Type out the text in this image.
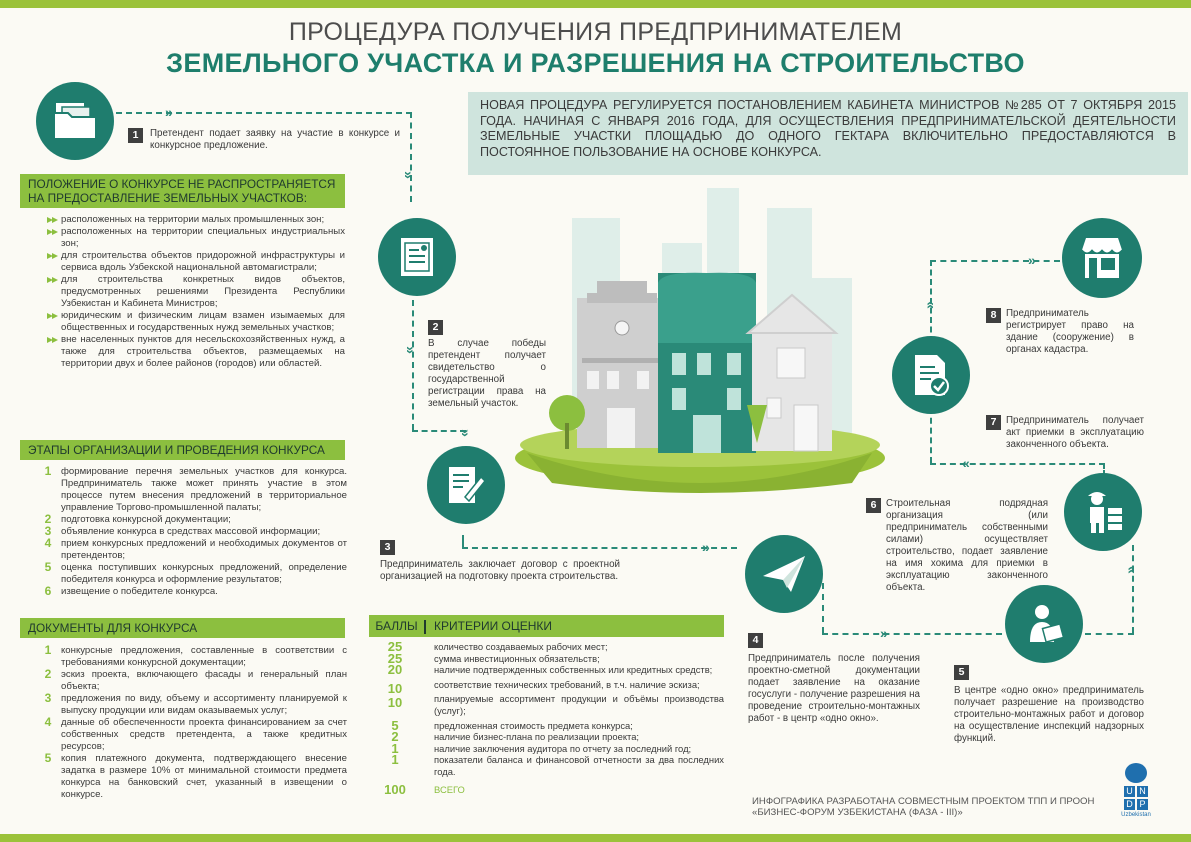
ПРОЦЕДУРА ПОЛУЧЕНИЯ ПРЕДПРИНИМАТЕЛЕМ
ЗЕМЕЛЬНОГО УЧАСТКА И РАЗРЕШЕНИЯ НА СТРОИТЕЛЬСТВО
НОВАЯ ПРОЦЕДУРА РЕГУЛИРУЕТСЯ ПОСТАНОВЛЕНИЕМ КАБИНЕТА МИНИСТРОВ №285 ОТ 7 ОКТЯБРЯ 2015 ГОДА. НАЧИНАЯ С ЯНВАРЯ 2016 ГОДА, ДЛЯ ОСУЩЕСТВЛЕНИЯ ПРЕДПРИНИМАТЕЛЬСКОЙ ДЕЯТЕЛЬНОСТИ ЗЕМЕЛЬНЫЕ УЧАСТКИ ПЛОЩАДЬЮ ДО ОДНОГО ГЕКТАРА ВКЛЮЧИТЕЛЬНО ПРЕДОСТАВЛЯЮТСЯ В ПОСТОЯННОЕ ПОЛЬЗОВАНИЕ НА ОСНОВЕ КОНКУРСА.
1	Претендент подает заявку на участие в конкурсе и конкурсное предложение.
»
»
»
»
»
»
»
«
»
»
ПОЛОЖЕНИЕ О КОНКУРСЕ НЕ РАСПРОСТРАНЯЕТСЯ НА ПРЕДОСТАВЛЕНИЕ ЗЕМЕЛЬНЫХ УЧАСТКОВ:
расположенных на территории малых промышленных зон;
расположенных на территории специальных индустриальных зон;
для строительства объектов придорожной инфраструктуры и сервиса вдоль Узбекской национальной автомагистрали;
для строительства конкретных видов объектов, предусмотренных решениями Президента Республики Узбекистан и Кабинета Министров;
юридическим и физическим лицам взамен изымаемых для общественных и государственных нужд земельных участков;
вне населенных пунктов для несельскохозяйственных нужд, а также для строительства объектов, размещаемых на территории двух и более районов (городов) или областей.
ЭТАПЫ ОРГАНИЗАЦИИ И ПРОВЕДЕНИЯ КОНКУРСА
1	формирование перечня земельных участков для конкурса. Предприниматель также может принять участие в этом процессе путем внесения предложений в территориальное управление Торгово-промышленной палаты;
2	подготовка конкурсной документации;
3	объявление конкурса в средствах массовой информации;
4	прием конкурсных предложений и необходимых документов от претендентов;
5	оценка поступивших конкурсных предложений, определение победителя конкурса и оформление результатов;
6	извещение о победителе конкурса.
ДОКУМЕНТЫ ДЛЯ КОНКУРСА
1	конкурсные предложения, составленные в соответствии с требованиями конкурсной документации;
2	эскиз проекта, включающего фасады и генеральный план объекта;
3	предложения по виду, объему и ассортименту планируемой к выпуску продукции или видам оказываемых услуг;
4	данные об обеспеченности проекта финансированием за счет собственных средств претендента, а также кредитных ресурсов;
5	копия платежного документа, подтверждающего внесение задатка в размере 10% от минимальной стоимости предмета конкурса на банковский счет, указанный в извещении о конкурсе.
2
В случае победы претендент получает свидетельство о государственной регистрации права на земельный участок.
3
Предприниматель заключает договор с проектной организацией на подготовку проекта строительства.
БАЛЛЫ КРИТЕРИИ ОЦЕНКИ
25	количество создаваемых рабочих мест;
25	сумма инвестиционных обязательств;
20	наличие подтвержденных собственных или кредитных средств;
10	соответствие технических требований, в т.ч. наличие эскиза;
10	планируемые ассортимент продукции и объёмы производства (услуг);
5	предложенная стоимость предмета конкурса;
2	наличие бизнес-плана по реализации проекта;
1	наличие заключения аудитора по отчету за последний год;
1	показатели баланса и финансовой отчетности за два последних года.
100	ВСЕГО
4
Предприниматель после получения проектно-сметной документации подает заявление на оказание госуслуги - получение разрешения на проведение строительно-монтажных работ - в центр «одно окно».
5
В центре «одно окно» предприниматель получает разрешение на производство строительно-монтажных работ и договор на осуществление инспекций надзорных функций.
6 Строительная подрядная организация (или предприниматель собственными силами) осуществляет строительство, подает заявление на имя хокима для приемки в эксплуатацию законченного объекта.
7 Предприниматель получает акт приемки в эксплуатацию законченного объекта.
8 Предприниматель регистрирует право на здание (сооружение) в органах кадастра.
ИНФОГРАФИКА РАЗРАБОТАНА СОВМЕСТНЫМ ПРОЕКТОМ ТПП И ПРООН
«БИЗНЕС-ФОРУМ УЗБЕКИСТАНА (ФАЗА - III)»
U N
D P
Uzbekistan
